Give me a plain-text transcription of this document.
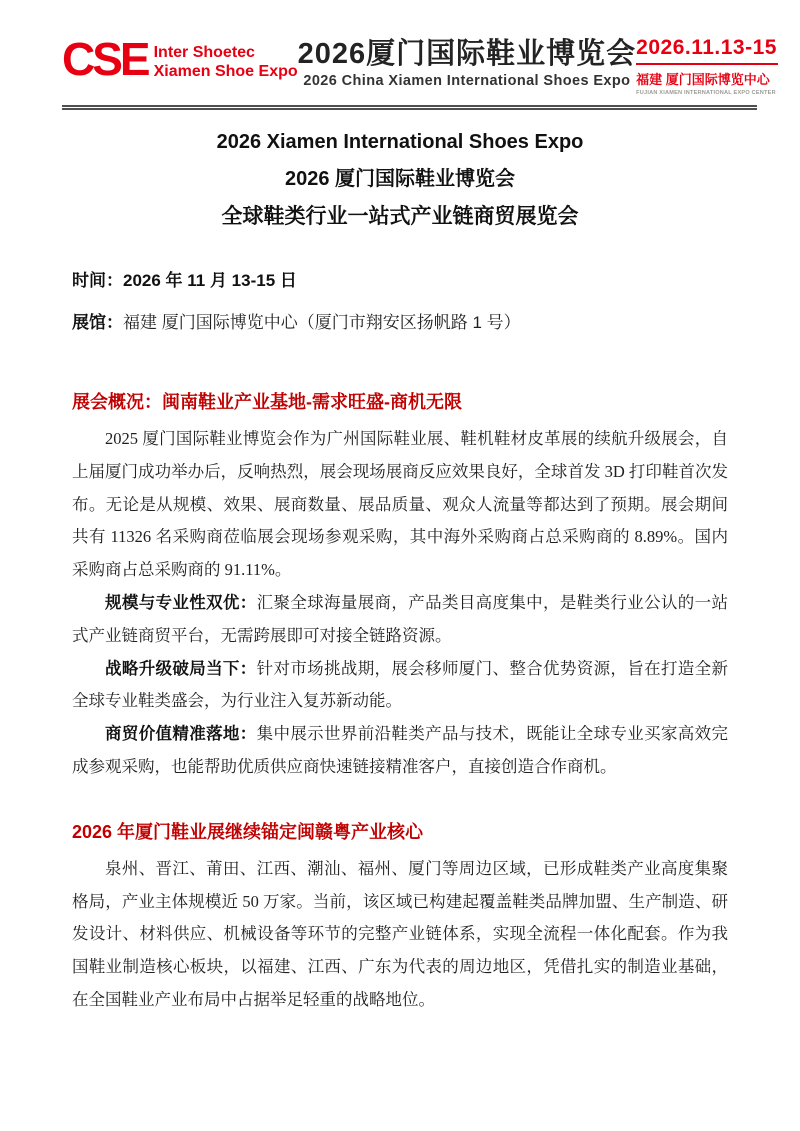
CSE Inter Shoetec
Xiamen Shoe Expo
2026厦门国际鞋业博览会
2026 China Xiamen International Shoes Expo
2026.11.13-15
福建 厦门国际博览中心
FUJIAN XIAMEN INTERNATIONAL EXPO CENTER
2026 Xiamen International Shoes Expo
2026 厦门国际鞋业博览会
全球鞋类行业一站式产业链商贸展览会
时间：2026 年 11 月 13-15 日
展馆：福建 厦门国际博览中心（厦门市翔安区扬帆路 1 号）
展会概况：闽南鞋业产业基地-需求旺盛-商机无限

2025 厦门国际鞋业博览会作为广州国际鞋业展、鞋机鞋材皮革展的续航升级展会，自上届厦门成功举办后，反响热烈，展会现场展商反应效果良好，全球首发 3D 打印鞋首次发布。无论是从规模、效果、展商数量、展品质量、观众人流量等都达到了预期。展会期间共有 11326 名采购商莅临展会现场参观采购，其中海外采购商占总采购商的 8.89%。国内采购商占总采购商的 91.11%。

规模与专业性双优：汇聚全球海量展商，产品类目高度集中，是鞋类行业公认的一站式产业链商贸平台，无需跨展即可对接全链路资源。

战略升级破局当下：针对市场挑战期，展会移师厦门、整合优势资源，旨在打造全新全球专业鞋类盛会，为行业注入复苏新动能。

商贸价值精准落地：集中展示世界前沿鞋类产品与技术，既能让全球专业买家高效完成参观采购，也能帮助优质供应商快速链接精准客户，直接创造合作商机。

2026 年厦门鞋业展继续锚定闽赣粤产业核心

泉州、晋江、莆田、江西、潮汕、福州、厦门等周边区域，已形成鞋类产业高度集聚格局，产业主体规模近 50 万家。当前，该区域已构建起覆盖鞋类品牌加盟、生产制造、研发设计、材料供应、机械设备等环节的完整产业链体系，实现全流程一体化配套。作为我国鞋业制造核心板块，以福建、江西、广东为代表的周边地区，凭借扎实的制造业基础，在全国鞋业产业布局中占据举足轻重的战略地位。
